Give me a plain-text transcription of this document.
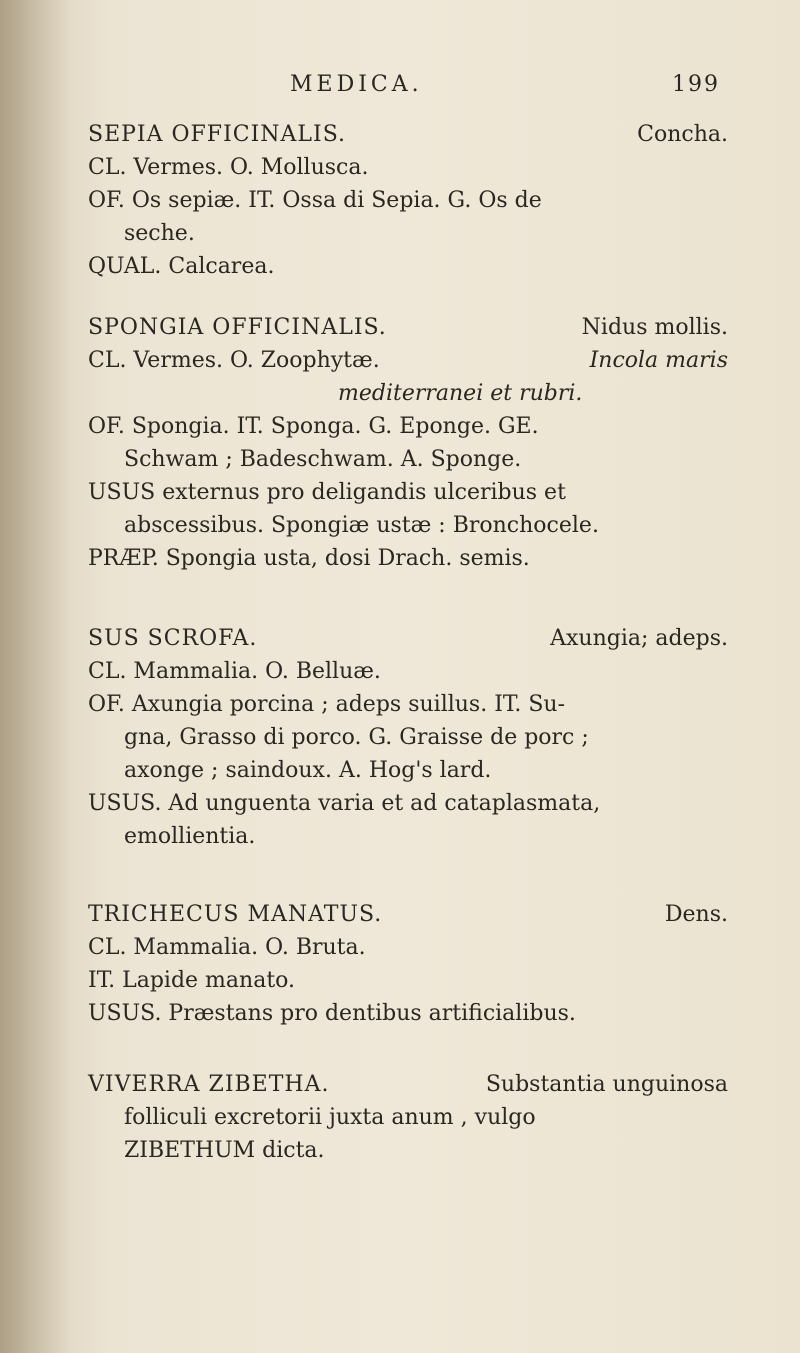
MEDICA.	199
SEPIA OFFICINALIS.	Concha.
CL. Vermes. O. Mollusca.
OF. Os sepiæ. IT. Ossa di Sepia. G. Os de
seche.
QUAL. Calcarea.
SPONGIA OFFICINALIS.	Nidus mollis.
CL. Vermes. O. Zoophytæ.	Incola maris
mediterranei et rubri.
OF. Spongia. IT. Sponga. G. Eponge. GE.
Schwam ; Badeschwam. A. Sponge.
USUS externus pro deligandis ulceribus et
abscessibus. Spongiæ ustæ : Bronchocele.
PRÆP. Spongia usta, dosi Drach. semis.
SUS SCROFA.	Axungia; adeps.
CL. Mammalia. O. Belluæ.
OF. Axungia porcina ; adeps suillus. IT. Su-
gna, Grasso di porco. G. Graisse de porc ;
axonge ; saindoux. A. Hog's lard.
USUS. Ad unguenta varia et ad cataplasmata,
emollientia.
TRICHECUS MANATUS.	Dens.
CL. Mammalia. O. Bruta.
IT. Lapide manato.
USUS. Præstans pro dentibus artificialibus.
VIVERRA ZIBETHA.	Substantia unguinosa
folliculi excretorii juxta anum , vulgo
ZIBETHUM dicta.
